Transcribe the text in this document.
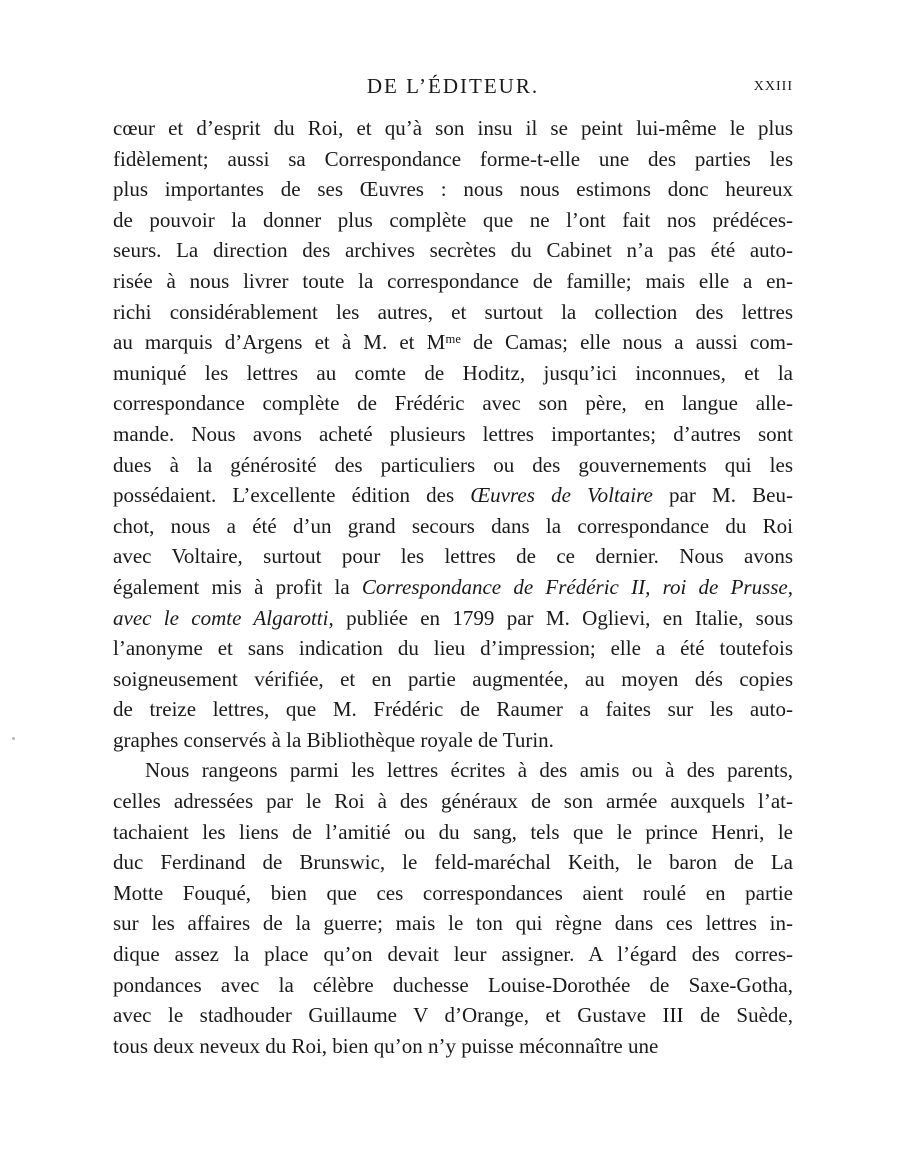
DE L’ÉDITEUR.	XXIII
cœur et d’esprit du Roi, et qu’à son insu il se peint lui-même le plus
fidèlement; aussi sa Correspondance forme-t-elle une des parties les
plus importantes de ses Œuvres : nous nous estimons donc heureux
de pouvoir la donner plus complète que ne l’ont fait nos prédéces-
seurs. La direction des archives secrètes du Cabinet n’a pas été auto-
risée à nous livrer toute la correspondance de famille; mais elle a en-
richi considérablement les autres, et surtout la collection des lettres
au marquis d’Argens et à M. et Mᵐᵉ de Camas; elle nous a aussi com-
muniqué les lettres au comte de Hoditz, jusqu’ici inconnues, et la
correspondance complète de Frédéric avec son père, en langue alle-
mande. Nous avons acheté plusieurs lettres importantes; d’autres sont
dues à la générosité des particuliers ou des gouvernements qui les
possédaient. L’excellente édition des Œuvres de Voltaire par M. Beu-
chot, nous a été d’un grand secours dans la correspondance du Roi
avec Voltaire, surtout pour les lettres de ce dernier. Nous avons
également mis à profit la Correspondance de Frédéric II, roi de Prusse,
avec le comte Algarotti, publiée en 1799 par M. Oglievi, en Italie, sous
l’anonyme et sans indication du lieu d’impression; elle a été toutefois
soigneusement vérifiée, et en partie augmentée, au moyen dés copies
de treize lettres, que M. Frédéric de Raumer a faites sur les auto-
graphes conservés à la Bibliothèque royale de Turin.
Nous rangeons parmi les lettres écrites à des amis ou à des parents,
celles adressées par le Roi à des généraux de son armée auxquels l’at-
tachaient les liens de l’amitié ou du sang, tels que le prince Henri, le
duc Ferdinand de Brunswic, le feld-maréchal Keith, le baron de La
Motte Fouqué, bien que ces correspondances aient roulé en partie
sur les affaires de la guerre; mais le ton qui règne dans ces lettres in-
dique assez la place qu’on devait leur assigner. A l’égard des corres-
pondances avec la célèbre duchesse Louise-Dorothée de Saxe-Gotha,
avec le stadhouder Guillaume V d’Orange, et Gustave III de Suède,
tous deux neveux du Roi, bien qu’on n’y puisse méconnaître une
